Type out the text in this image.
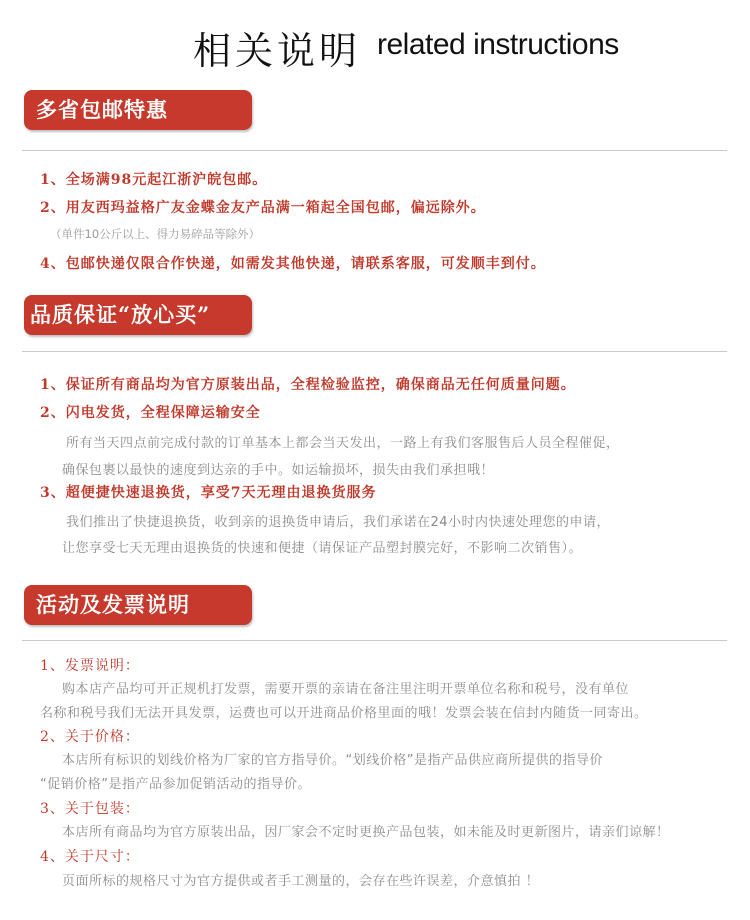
相关说明 related instructions
多省包邮特惠
1、全场满98元起江浙沪皖包邮。
2、用友西玛益格广友金蝶金友产品满一箱起全国包邮，偏远除外。
（单件10公斤以上、得力易碎品等除外）
4、包邮快递仅限合作快递，如需发其他快递，请联系客服，可发顺丰到付。
品质保证“放心买”
1、保证所有商品均为官方原装出品，全程检验监控，确保商品无任何质量问题。
2、闪电发货，全程保障运输安全
所有当天四点前完成付款的订单基本上都会当天发出，一路上有我们客服售后人员全程催促，
确保包裹以最快的速度到达亲的手中。如运输损坏，损失由我们承担哦！
3、超便捷快速退换货，享受7天无理由退换货服务
我们推出了快捷退换货，收到亲的退换货申请后，我们承诺在24小时内快速处理您的申请，
让您享受七天无理由退换货的快速和便捷（请保证产品塑封膜完好，不影响二次销售）。
活动及发票说明
1、发票说明：
购本店产品均可开正规机打发票，需要开票的亲请在备注里注明开票单位名称和税号，没有单位
名称和税号我们无法开具发票，运费也可以开进商品价格里面的哦！发票会装在信封内随货一同寄出。
2、关于价格：
本店所有标识的划线价格为厂家的官方指导价。“划线价格”是指产品供应商所提供的指导价
“促销价格”是指产品参加促销活动的指导价。
3、关于包装：
本店所有商品均为官方原装出品，因厂家会不定时更换产品包装，如未能及时更新图片，请亲们谅解！
4、关于尺寸：
页面所标的规格尺寸为官方提供或者手工测量的，会存在些许误差，介意慎拍 ！
